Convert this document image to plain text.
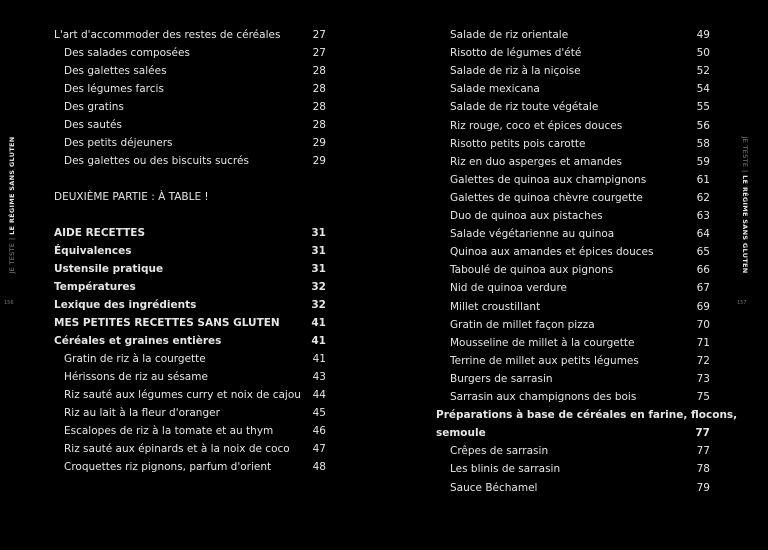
L'art d'accommoder des restes de céréales	27
Des salades composées	27
Des galettes salées	28
Des légumes farcis	28
Des gratins	28
Des sautés	28
Des petits déjeuners	29
Des galettes ou des biscuits sucrés	29
DEUXIÈME PARTIE : À TABLE !
AIDE RECETTES	31
Équivalences	31
Ustensile pratique	31
Températures	32
Lexique des ingrédients	32
MES PETITES RECETTES SANS GLUTEN	41
Céréales et graines entières	41
Gratin de riz à la courgette	41
Hérissons de riz au sésame	43
Riz sauté aux légumes curry et noix de cajou	44
Riz au lait à la fleur d'oranger	45
Escalopes de riz à la tomate et au thym	46
Riz sauté aux épinards et à la noix de coco	47
Croquettes riz pignons, parfum d'orient	48
Salade de riz orientale	49
Risotto de légumes d'été	50
Salade de riz à la niçoise	52
Salade mexicana	54
Salade de riz toute végétale	55
Riz rouge, coco et épices douces	56
Risotto petits pois carotte	58
Riz en duo asperges et amandes	59
Galettes de quinoa aux champignons	61
Galettes de quinoa chèvre courgette	62
Duo de quinoa aux pistaches	63
Salade végétarienne au quinoa	64
Quinoa aux amandes et épices douces	65
Taboulé de quinoa aux pignons	66
Nid de quinoa verdure	67
Millet croustillant	69
Gratin de millet façon pizza	70
Mousseline de millet à la courgette	71
Terrine de millet aux petits légumes	72
Burgers de sarrasin	73
Sarrasin aux champignons des bois	75
Préparations à base de céréales en farine, flocons,
semoule	77
Crêpes de sarrasin	77
Les blinis de sarrasin	78
Sauce Béchamel	79
JE TESTE | LE RÉGIME SANS GLUTEN	JE TESTE | LE RÉGIME SANS GLUTEN
156	157
